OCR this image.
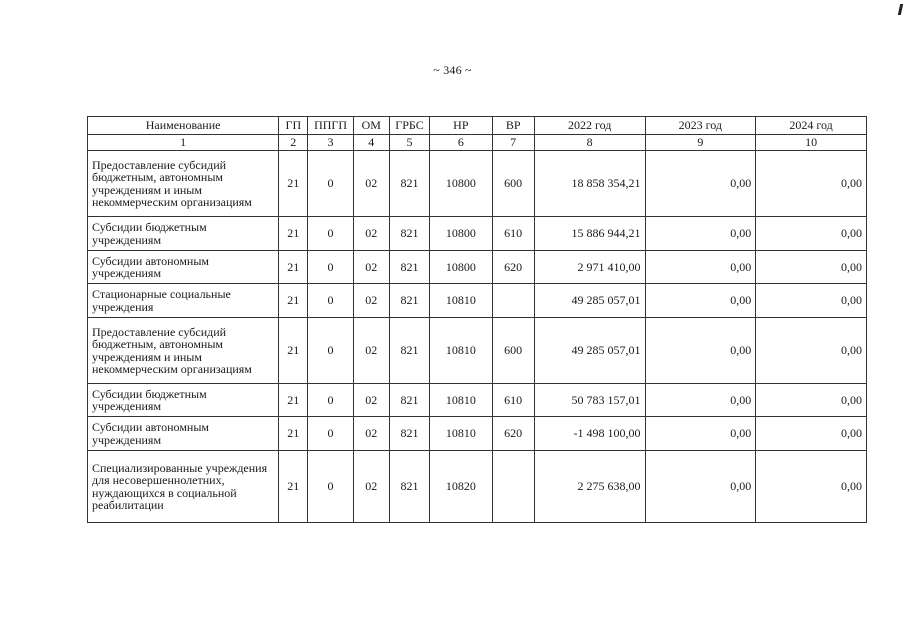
~ 346 ~
Наименование	ГП	ППГП	ОМ	ГРБС	НР	ВР	2022 год	2023 год	2024 год
1	2	3	4	5	6	7	8	9	10
Предоставление субсидий бюджетным, автономным учреждениям и иным некоммерческим организациям	21	0	02	821	10800	600	18 858 354,21	0,00	0,00
Субсидии бюджетным учреждениям	21	0	02	821	10800	610	15 886 944,21	0,00	0,00
Субсидии автономным учреждениям	21	0	02	821	10800	620	2 971 410,00	0,00	0,00
Стационарные социальные учреждения	21	0	02	821	10810		49 285 057,01	0,00	0,00
Предоставление субсидий бюджетным, автономным учреждениям и иным некоммерческим организациям	21	0	02	821	10810	600	49 285 057,01	0,00	0,00
Субсидии бюджетным учреждениям	21	0	02	821	10810	610	50 783 157,01	0,00	0,00
Субсидии автономным учреждениям	21	0	02	821	10810	620	-1 498 100,00	0,00	0,00
Специализированные учреждения для несовершеннолетних, нуждающихся в социальной реабилитации	21	0	02	821	10820		2 275 638,00	0,00	0,00
